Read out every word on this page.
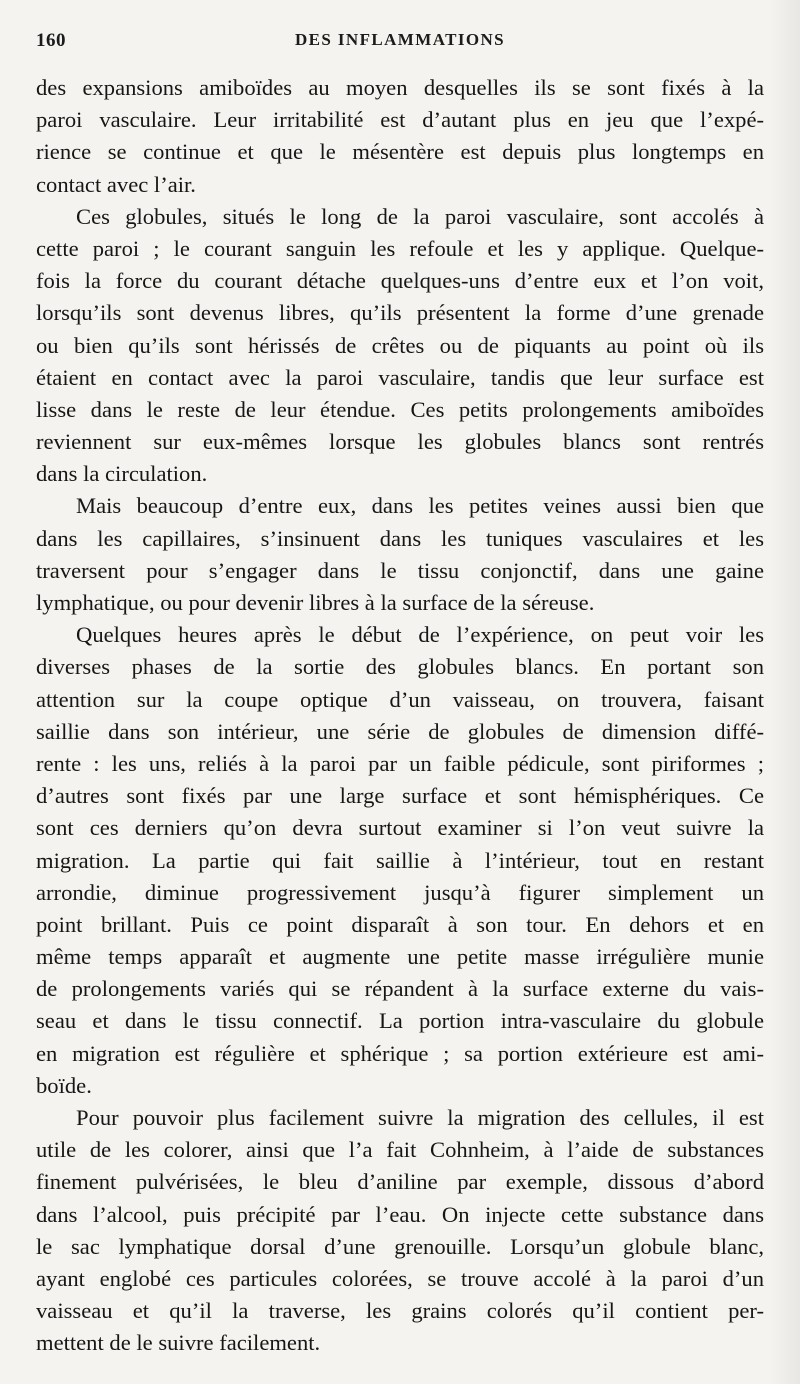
160	DES INFLAMMATIONS
des expansions amiboïdes au moyen desquelles ils se sont fixés à la
paroi vasculaire. Leur irritabilité est d’autant plus en jeu que l’expé-
rience se continue et que le mésentère est depuis plus longtemps en
contact avec l’air.
Ces globules, situés le long de la paroi vasculaire, sont accolés à
cette paroi ; le courant sanguin les refoule et les y applique. Quelque-
fois la force du courant détache quelques-uns d’entre eux et l’on voit,
lorsqu’ils sont devenus libres, qu’ils présentent la forme d’une grenade
ou bien qu’ils sont hérissés de crêtes ou de piquants au point où ils
étaient en contact avec la paroi vasculaire, tandis que leur surface est
lisse dans le reste de leur étendue. Ces petits prolongements amiboïdes
reviennent sur eux-mêmes lorsque les globules blancs sont rentrés
dans la circulation.
Mais beaucoup d’entre eux, dans les petites veines aussi bien que
dans les capillaires, s’insinuent dans les tuniques vasculaires et les
traversent pour s’engager dans le tissu conjonctif, dans une gaine
lymphatique, ou pour devenir libres à la surface de la séreuse.
Quelques heures après le début de l’expérience, on peut voir les
diverses phases de la sortie des globules blancs. En portant son
attention sur la coupe optique d’un vaisseau, on trouvera, faisant
saillie dans son intérieur, une série de globules de dimension diffé-
rente : les uns, reliés à la paroi par un faible pédicule, sont piriformes ;
d’autres sont fixés par une large surface et sont hémisphériques. Ce
sont ces derniers qu’on devra surtout examiner si l’on veut suivre la
migration. La partie qui fait saillie à l’intérieur, tout en restant
arrondie, diminue progressivement jusqu’à figurer simplement un
point brillant. Puis ce point disparaît à son tour. En dehors et en
même temps apparaît et augmente une petite masse irrégulière munie
de prolongements variés qui se répandent à la surface externe du vais-
seau et dans le tissu connectif. La portion intra-vasculaire du globule
en migration est régulière et sphérique ; sa portion extérieure est ami-
boïde.
Pour pouvoir plus facilement suivre la migration des cellules, il est
utile de les colorer, ainsi que l’a fait Cohnheim, à l’aide de substances
finement pulvérisées, le bleu d’aniline par exemple, dissous d’abord
dans l’alcool, puis précipité par l’eau. On injecte cette substance dans
le sac lymphatique dorsal d’une grenouille. Lorsqu’un globule blanc,
ayant englobé ces particules colorées, se trouve accolé à la paroi d’un
vaisseau et qu’il la traverse, les grains colorés qu’il contient per-
mettent de le suivre facilement.
